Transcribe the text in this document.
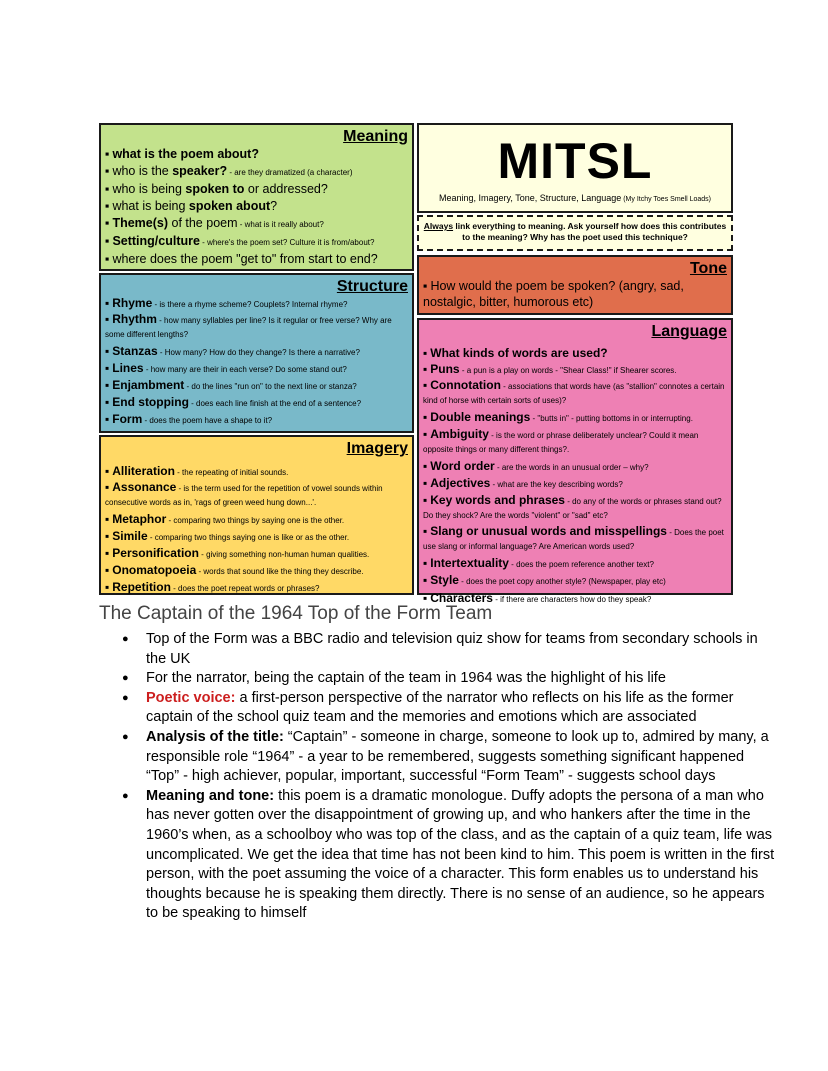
Meaning
▪ what is the poem about?
▪ who is the speaker? - are they dramatized (a character)
▪ who is being spoken to or addressed?
▪ what is being spoken about?
▪ Theme(s) of the poem - what is it really about?
▪ Setting/culture - where's the poem set? Culture it is from/about?
▪ where does the poem "get to" from start to end?
Structure
▪ Rhyme - is there a rhyme scheme? Couplets? Internal rhyme?
▪ Rhythm - how many syllables per line? Is it regular or free verse? Why are some different lengths?
▪ Stanzas - How many? How do they change? Is there a narrative?
▪ Lines - how many are their in each verse? Do some stand out?
▪ Enjambment - do the lines "run on" to the next line or stanza?
▪ End stopping - does each line finish at the end of a sentence?
▪ Form - does the poem have a shape to it?
Imagery
▪ Alliteration - the repeating of initial sounds.
▪ Assonance - is the term used for the repetition of vowel sounds within consecutive words as in, 'rags of green weed hung down...'.
▪ Metaphor - comparing two things by saying one is the other.
▪ Simile - comparing two things saying one is like or as the other.
▪ Personification - giving something non-human human qualities.
▪ Onomatopoeia - words that sound like the thing they describe.
▪ Repetition - does the poet repeat words or phrases?
MITSL
Meaning, Imagery, Tone, Structure, Language (My Itchy Toes Smell Loads)
Always link everything to meaning. Ask yourself how does this contributes to the meaning? Why has the poet used this technique?
Tone
▪ How would the poem be spoken? (angry, sad, nostalgic, bitter, humorous etc)
Language
▪ What kinds of words are used?
▪ Puns - a pun is a play on words - "Shear Class!" if Shearer scores.
▪ Connotation - associations that words have (as "stallion" connotes a certain kind of horse with certain sorts of uses)?
▪ Double meanings - "butts in" - putting bottoms in or interrupting.
▪ Ambiguity - is the word or phrase deliberately unclear? Could it mean opposite things or many different things?.
▪ Word order - are the words in an unusual order – why?
▪ Adjectives - what are the key describing words?
▪ Key words and phrases - do any of the words or phrases stand out? Do they shock? Are the words "violent" or "sad" etc?
▪ Slang or unusual words and misspellings - Does the poet use slang or informal language? Are American words used?
▪ Intertextuality - does the poem reference another text?
▪ Style - does the poet copy another style? (Newspaper, play etc)
▪ Characters - if there are characters how do they speak?
The Captain of the 1964 Top of the Form Team
● Top of the Form was a BBC radio and television quiz show for teams from secondary schools in the UK
● For the narrator, being the captain of the team in 1964 was the highlight of his life
● Poetic voice: a first-person perspective of the narrator who reflects on his life as the former captain of the school quiz team and the memories and emotions which are associated
● Analysis of the title: “Captain” - someone in charge, someone to look up to, admired by many, a responsible role “1964” - a year to be remembered, suggests something significant happened “Top” - high achiever, popular, important, successful “Form Team” - suggests school days
● Meaning and tone: this poem is a dramatic monologue. Duffy adopts the persona of a man who has never gotten over the disappointment of growing up, and who hankers after the time in the 1960’s when, as a schoolboy who was top of the class, and as the captain of a quiz team, life was uncomplicated. We get the idea that time has not been kind to him. This poem is written in the first person, with the poet assuming the voice of a character. This form enables us to understand his thoughts because he is speaking them directly. There is no sense of an audience, so he appears to be speaking to himself
